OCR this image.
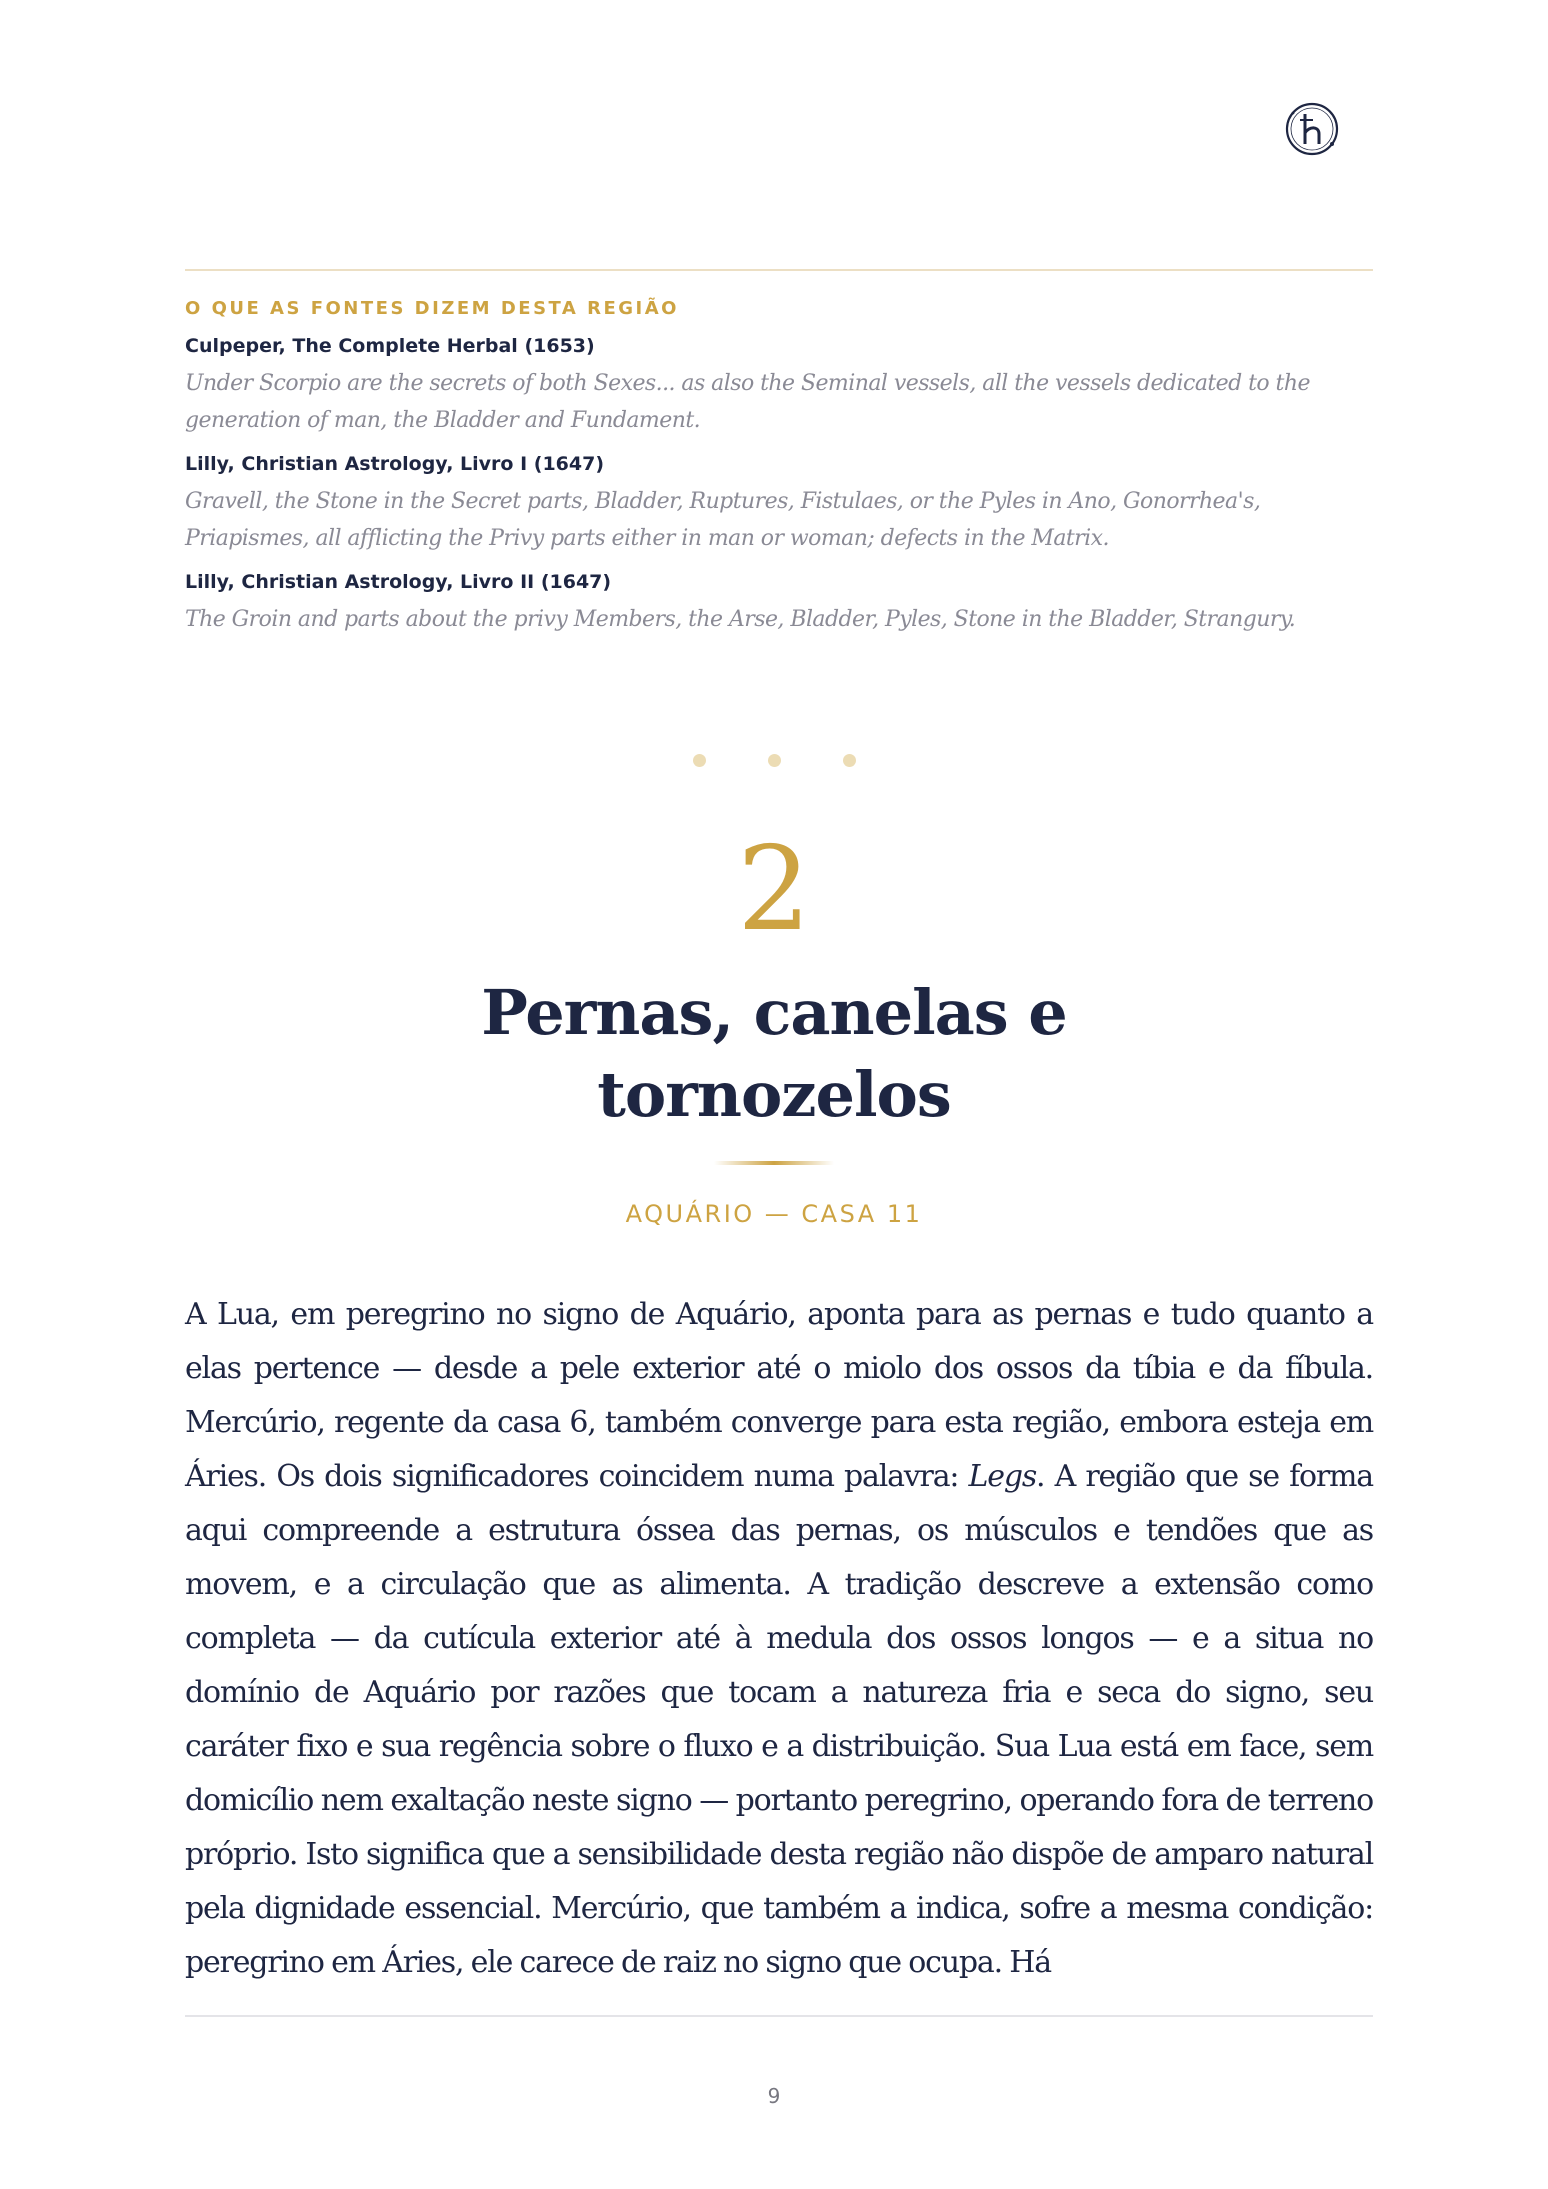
O QUE AS FONTES DIZEM DESTA REGIÃO

Culpeper, The Complete Herbal (1653)

Under Scorpio are the secrets of both Sexes... as also the Seminal vessels, all the vessels dedicated to the generation of man, the Bladder and Fundament.

Lilly, Christian Astrology, Livro I (1647)

Gravell, the Stone in the Secret parts, Bladder, Ruptures, Fistulaes, or the Pyles in Ano, Gonorrhea's, Priapismes, all afflicting the Privy parts either in man or woman; defects in the Matrix.

Lilly, Christian Astrology, Livro II (1647)

The Groin and parts about the privy Members, the Arse, Bladder, Pyles, Stone in the Bladder, Strangury.

2

Pernas, canelas e tornozelos

AQUÁRIO — CASA 11

A Lua, em peregrino no signo de Aquário, aponta para as pernas e tudo quanto a elas pertence — desde a pele exterior até o miolo dos ossos da tíbia e da fíbula. Mercúrio, regente da casa 6, também converge para esta região, embora esteja em Áries. Os dois significadores coincidem numa palavra: Legs. A região que se forma aqui compreende a estrutura óssea das pernas, os músculos e tendões que as movem, e a circulação que as alimenta. A tradição descreve a extensão como completa — da cutícula exterior até à medula dos ossos longos — e a situa no domínio de Aquário por razões que tocam a natureza fria e seca do signo, seu caráter fixo e sua regência sobre o fluxo e a distribuição. Sua Lua está em face, sem domicílio nem exaltação neste signo — portanto peregrino, operando fora de terreno próprio. Isto significa que a sensibilidade desta região não dispõe de amparo natural pela dignidade essencial. Mercúrio, que também a indica, sofre a mesma condição: peregrino em Áries, ele carece de raiz no signo que ocupa. Há

9
